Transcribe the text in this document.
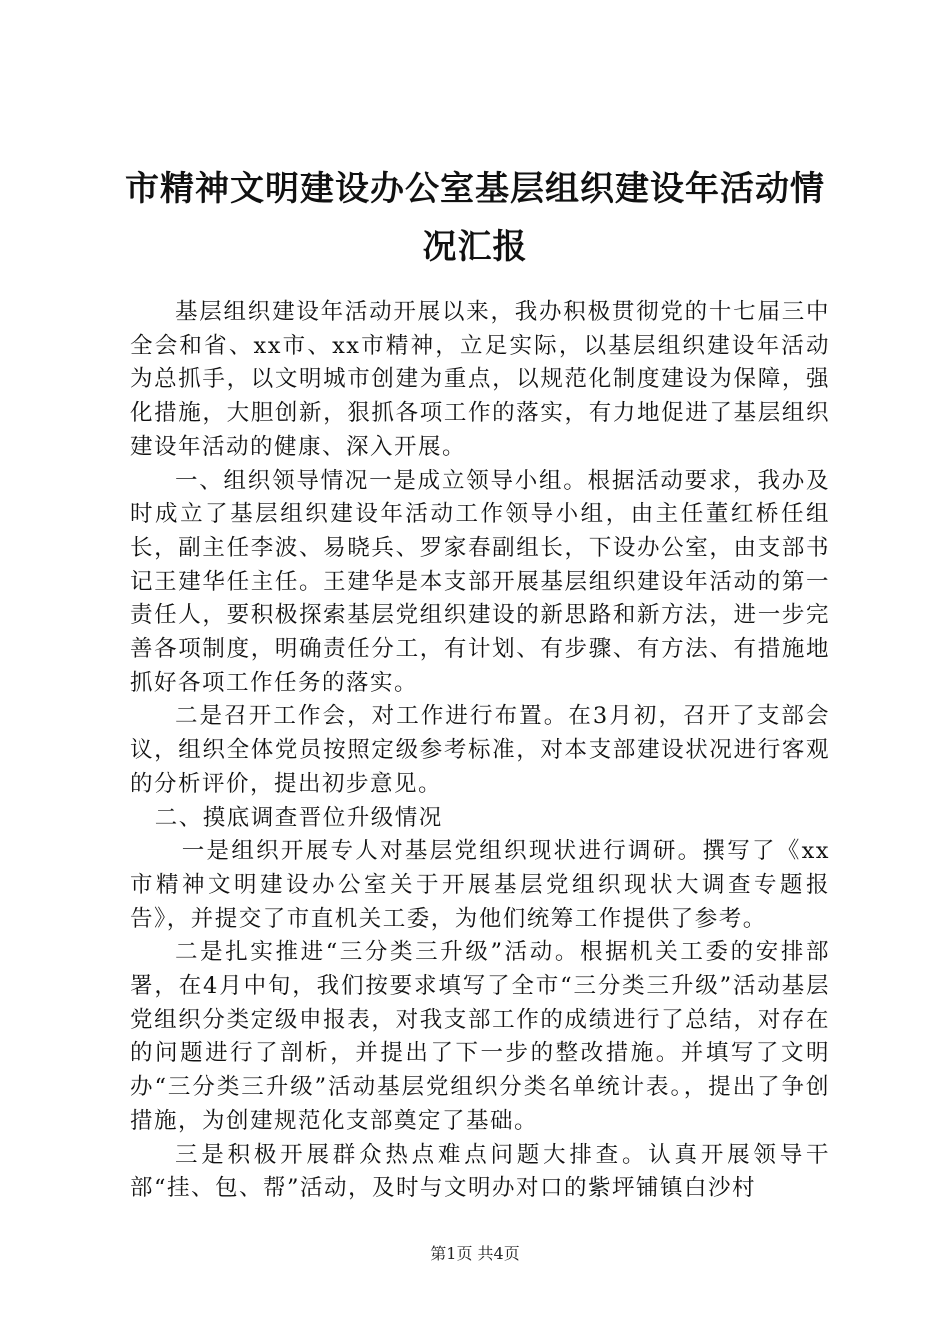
市精神文明建设办公室基层组织建设年活动情况汇报

基层组织建设年活动开展以来，我办积极贯彻党的十七届三中全会和省、xx市、xx市精神，立足实际，以基层组织建设年活动为总抓手，以文明城市创建为重点，以规范化制度建设为保障，强化措施，大胆创新，狠抓各项工作的落实，有力地促进了基层组织建设年活动的健康、深入开展。

一、组织领导情况一是成立领导小组。根据活动要求，我办及时成立了基层组织建设年活动工作领导小组，由主任董红桥任组长，副主任李波、易晓兵、罗家春副组长，下设办公室，由支部书记王建华任主任。王建华是本支部开展基层组织建设年活动的第一责任人，要积极探索基层党组织建设的新思路和新方法，进一步完善各项制度，明确责任分工，有计划、有步骤、有方法、有措施地抓好各项工作任务的落实。

二是召开工作会，对工作进行布置。在3月初，召开了支部会议，组织全体党员按照定级参考标准，对本支部建设状况进行客观的分析评价，提出初步意见。

二、摸底调查晋位升级情况

一是组织开展专人对基层党组织现状进行调研。撰写了《xx市精神文明建设办公室关于开展基层党组织现状大调查专题报告》，并提交了市直机关工委，为他们统筹工作提供了参考。

二是扎实推进“三分类三升级”活动。根据机关工委的安排部署，在4月中旬，我们按要求填写了全市“三分类三升级”活动基层党组织分类定级申报表，对我支部工作的成绩进行了总结，对存在的问题进行了剖析，并提出了下一步的整改措施。并填写了文明办“三分类三升级”活动基层党组织分类名单统计表。，提出了争创措施，为创建规范化支部奠定了基础。

三是积极开展群众热点难点问题大排查。认真开展领导干部“挂、包、帮”活动，及时与文明办对口的紫坪铺镇白沙村

第1页 共4页
